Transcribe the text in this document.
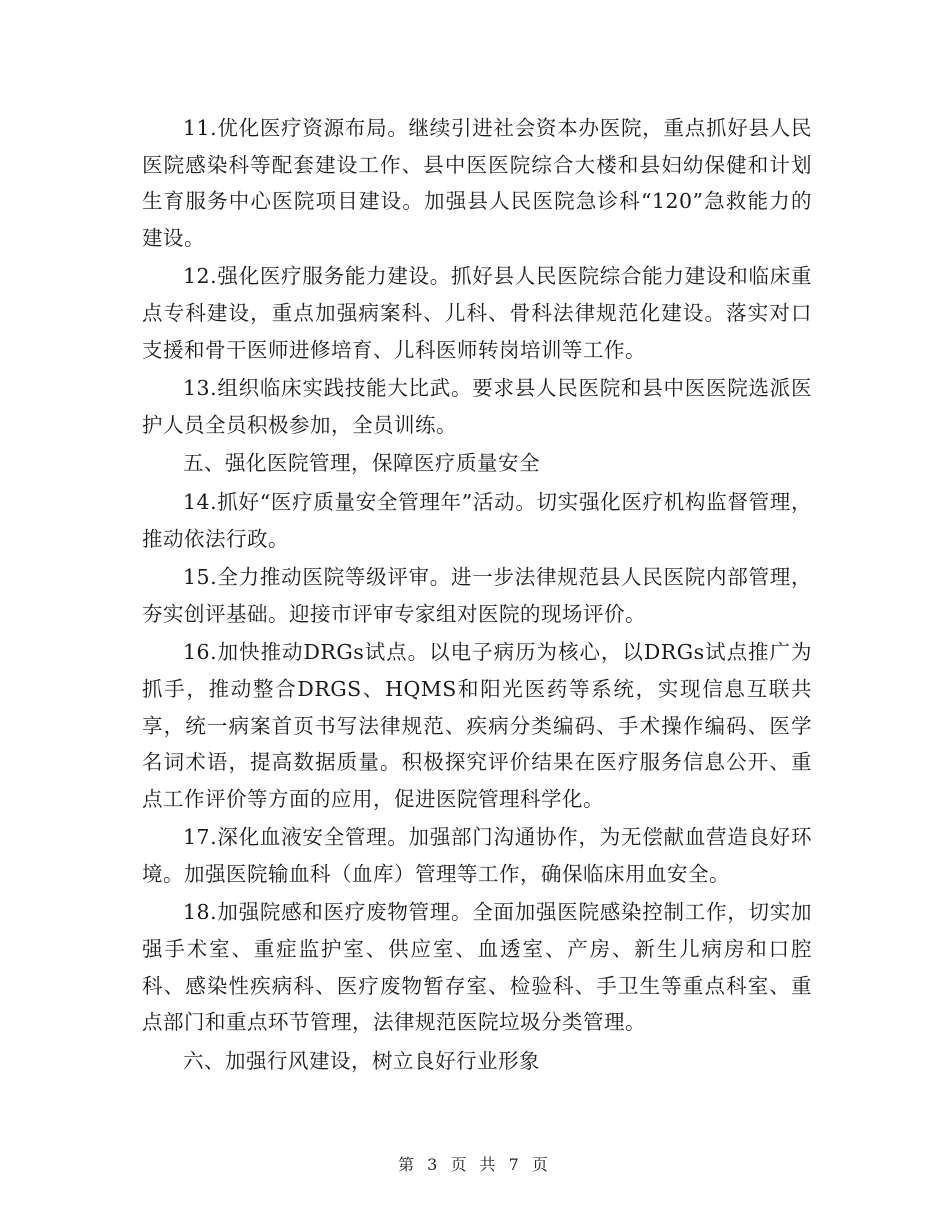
11.优化医疗资源布局。继续引进社会资本办医院，重点抓好县人民医院感染科等配套建设工作、县中医医院综合大楼和县妇幼保健和计划生育服务中心医院项目建设。加强县人民医院急诊科“120”急救能力的建设。

12.强化医疗服务能力建设。抓好县人民医院综合能力建设和临床重点专科建设，重点加强病案科、儿科、骨科法律规范化建设。落实对口支援和骨干医师进修培育、儿科医师转岗培训等工作。

13.组织临床实践技能大比武。要求县人民医院和县中医医院选派医护人员全员积极参加，全员训练。

五、强化医院管理，保障医疗质量安全

14.抓好“医疗质量安全管理年”活动。切实强化医疗机构监督管理，推动依法行政。

15.全力推动医院等级评审。进一步法律规范县人民医院内部管理，夯实创评基础。迎接市评审专家组对医院的现场评价。

16.加快推动DRGs试点。以电子病历为核心，以DRGs试点推广为抓手，推动整合DRGS、HQMS和阳光医药等系统，实现信息互联共享，统一病案首页书写法律规范、疾病分类编码、手术操作编码、医学名词术语，提高数据质量。积极探究评价结果在医疗服务信息公开、重点工作评价等方面的应用，促进医院管理科学化。

17.深化血液安全管理。加强部门沟通协作，为无偿献血营造良好环境。加强医院输血科（血库）管理等工作，确保临床用血安全。

18.加强院感和医疗废物管理。全面加强医院感染控制工作，切实加强手术室、重症监护室、供应室、血透室、产房、新生儿病房和口腔科、感染性疾病科、医疗废物暂存室、检验科、手卫生等重点科室、重点部门和重点环节管理，法律规范医院垃圾分类管理。

六、加强行风建设，树立良好行业形象

第 3 页 共 7 页
